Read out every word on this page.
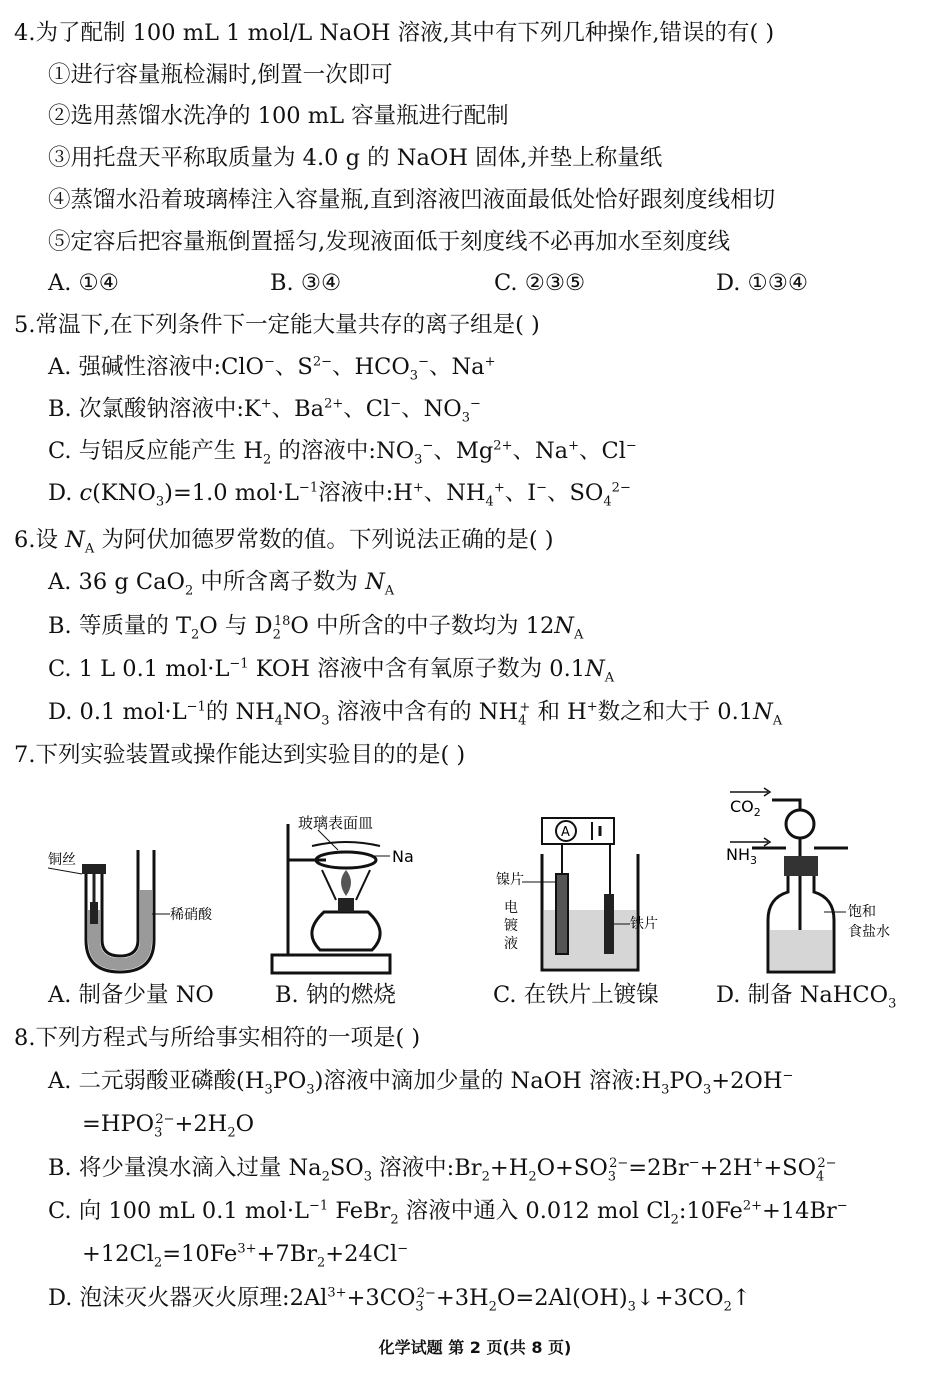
4.为了配制 100 mL 1 mol/L NaOH 溶液,其中有下列几种操作,错误的有( )
①进行容量瓶检漏时,倒置一次即可
②选用蒸馏水洗净的 100 mL 容量瓶进行配制
③用托盘天平称取质量为 4.0 g 的 NaOH 固体,并垫上称量纸
④蒸馏水沿着玻璃棒注入容量瓶,直到溶液凹液面最低处恰好跟刻度线相切
⑤定容后把容量瓶倒置摇匀,发现液面低于刻度线不必再加水至刻度线
A. ①④	B. ③④	C. ②③⑤	D. ①③④
5.常温下,在下列条件下一定能大量共存的离子组是( )
A. 强碱性溶液中:ClO−、$S^{2-}$、$HCO_3^-$、Na+
B. 次氯酸钠溶液中:K+、$Ba^{2+}$、Cl−、$NO_3^-$
C. 与铝反应能产生 $H_2$ 的溶液中$:NO_3^-$、$Mg^{2+}$、Na+、Cl−
D. $c(KNO_3)=1.0$ $mol\cdot L^{-1}$溶液中:H+、$NH_4^+$、I−、$SO_4^{2-}$
6.设 $N_A$ 为阿伏加德罗常数的值。下列说法正确的是( )
A. 36 g CaO$_2$ 中所含离子数为 $N_A$
B. 等质量的 $T_2O$ 与 $D_2^{18}O$ 中所含的中子数均为 $12N_A$
C. 1 L 0.1 $mol\cdot L^{-1}$ KOH 溶液中含有氧原子数为 $0.1N_A$
D. 0.1 $mol\cdot L^{-1}$的 $NH_4NO_3$ 溶液中含有的 $NH_4^+$ 和 H+数之和大于 $0.1N_A$
7.下列实验装置或操作能达到实验目的的是( )
铜丝
稀硝酸
A. 制备少量 NO
玻璃表面皿
Na
B. 钠的燃烧
A
镍片
电
镀
液
铁片
C. 在铁片上镀镍
$CO_2$
$NH_3$
饱和
食盐水
D. 制备 NaHCO$_3$
8.下列方程式与所给事实相符的一项是( )
A. 二元弱酸亚磷酸$(H_3PO_3)$溶液中滴加少量的 NaOH 溶液$:H_3PO_3+2OH^-$
$=HPO_3^{2-}+2H_2O$
B. 将少量溴水滴入过量 $Na_2SO_3$ 溶液中$:Br_2+H_2O+SO_3^{2-}=2Br^-+2H^++SO_4^{2-}$
C. 向 100 mL 0.1 $mol\cdot L^{-1}$ FeBr$_2$ 溶液中通入 0.012 mol $Cl_2:10Fe^{2+}+14Br^-$
$+12Cl_2=10Fe^{3+}+7Br_2+24Cl^-$
D. 泡沫灭火器灭火原理$:2Al^{3+}+3CO_3^{2-}+3H_2O=2Al(OH)_3↓+3CO_2↑$
化学试题 第 2 页(共 8 页)
